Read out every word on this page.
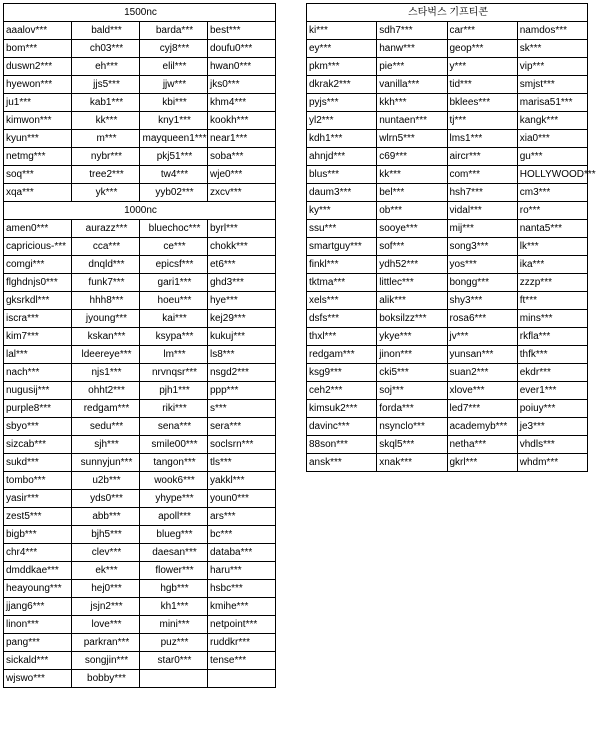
1500nc			
aaalov***	bald***	barda***	best***
bom***	ch03***	cyj8***	doufu0***
duswn2***	eh***	elil***	hwan0***
hyewon***	jjs5***	jjw***	jks0***
ju1***	kab1***	kbi***	khm4***
kimwon***	kk***	kny1***	kookh***
kyun***	m***	mayqueen1***	near1***
netmg***	nybr***	pkj51***	soba***
soq***	tree2***	tw4***	wje0***
xqa***	yk***	yyb02***	zxcv***
1000nc			
amen0***	aurazz***	bluechoc***	byrl***
capricious-***	cca***	ce***	chokk***
comgi***	dnqld***	epicsf***	et6***
flghdnjs0***	funk7***	gari1***	ghd3***
gksrkdl***	hhh8***	hoeu***	hye***
iscra***	jyoung***	kai***	kej29***
kim7***	kskan***	ksypa***	kukuj***
lal***	ldeereye***	lm***	ls8***
nach***	njs1***	nrvnqsr***	nsgd2***
nugusij***	ohht2***	pjh1***	ppp***
purple8***	redgam***	riki***	s***
sbyo***	sedu***	sena***	sera***
sizcab***	sjh***	smile00***	soclsrn***
sukd***	sunnyjun***	tangon***	tls***
tombo***	u2b***	wook6***	yakkl***
yasir***	yds0***	yhype***	youn0***
zest5***	abb***	apoll***	ars***
bigb***	bjh5***	blueg***	bc***
chr4***	clev***	daesan***	databa***
dmddkae***	ek***	flower***	haru***
heayoung***	hej0***	hgb***	hsbc***
jjang6***	jsjn2***	kh1***	kmihe***
linon***	love***	mini***	netpoint***
pang***	parkran***	puz***	ruddkr***
sickald***	songjin***	star0***	tense***
wjswo***	bobby***		
스타벅스 기프티콘			
ki***	sdh7***	car***	namdos***
ey***	hanw***	geop***	sk***
pkm***	pie***	y***	vip***
dkrak2***	vanilla***	tid***	smjst***
pyjs***	kkh***	bklees***	marisa51***
yl2***	nuntaen***	tj***	kangk***
kdh1***	wlrn5***	lms1***	xia0***
ahnjd***	c69***	aircr***	gu***
blus***	kk***	com***	HOLLYWOOD***
daum3***	bel***	hsh7***	cm3***
ky***	ob***	vidal***	ro***
ssu***	sooye***	mij***	nanta5***
smartguy***	sof***	song3***	lk***
finkl***	ydh52***	yos***	ika***
tktma***	littlec***	bongg***	zzzp***
xels***	alik***	shy3***	ft***
dsfs***	boksilzz***	rosa6***	mins***
thxl***	ykye***	jv***	rkfla***
redgam***	jinon***	yunsan***	thfk***
ksg9***	cki5***	suan2***	ekdr***
ceh2***	soj***	xlove***	ever1***
kimsuk2***	forda***	led7***	poiuy***
davinc***	nsynclo***	academyb***	je3***
88son***	skql5***	netha***	vhdls***
ansk***	xnak***	gkrl***	whdm***
